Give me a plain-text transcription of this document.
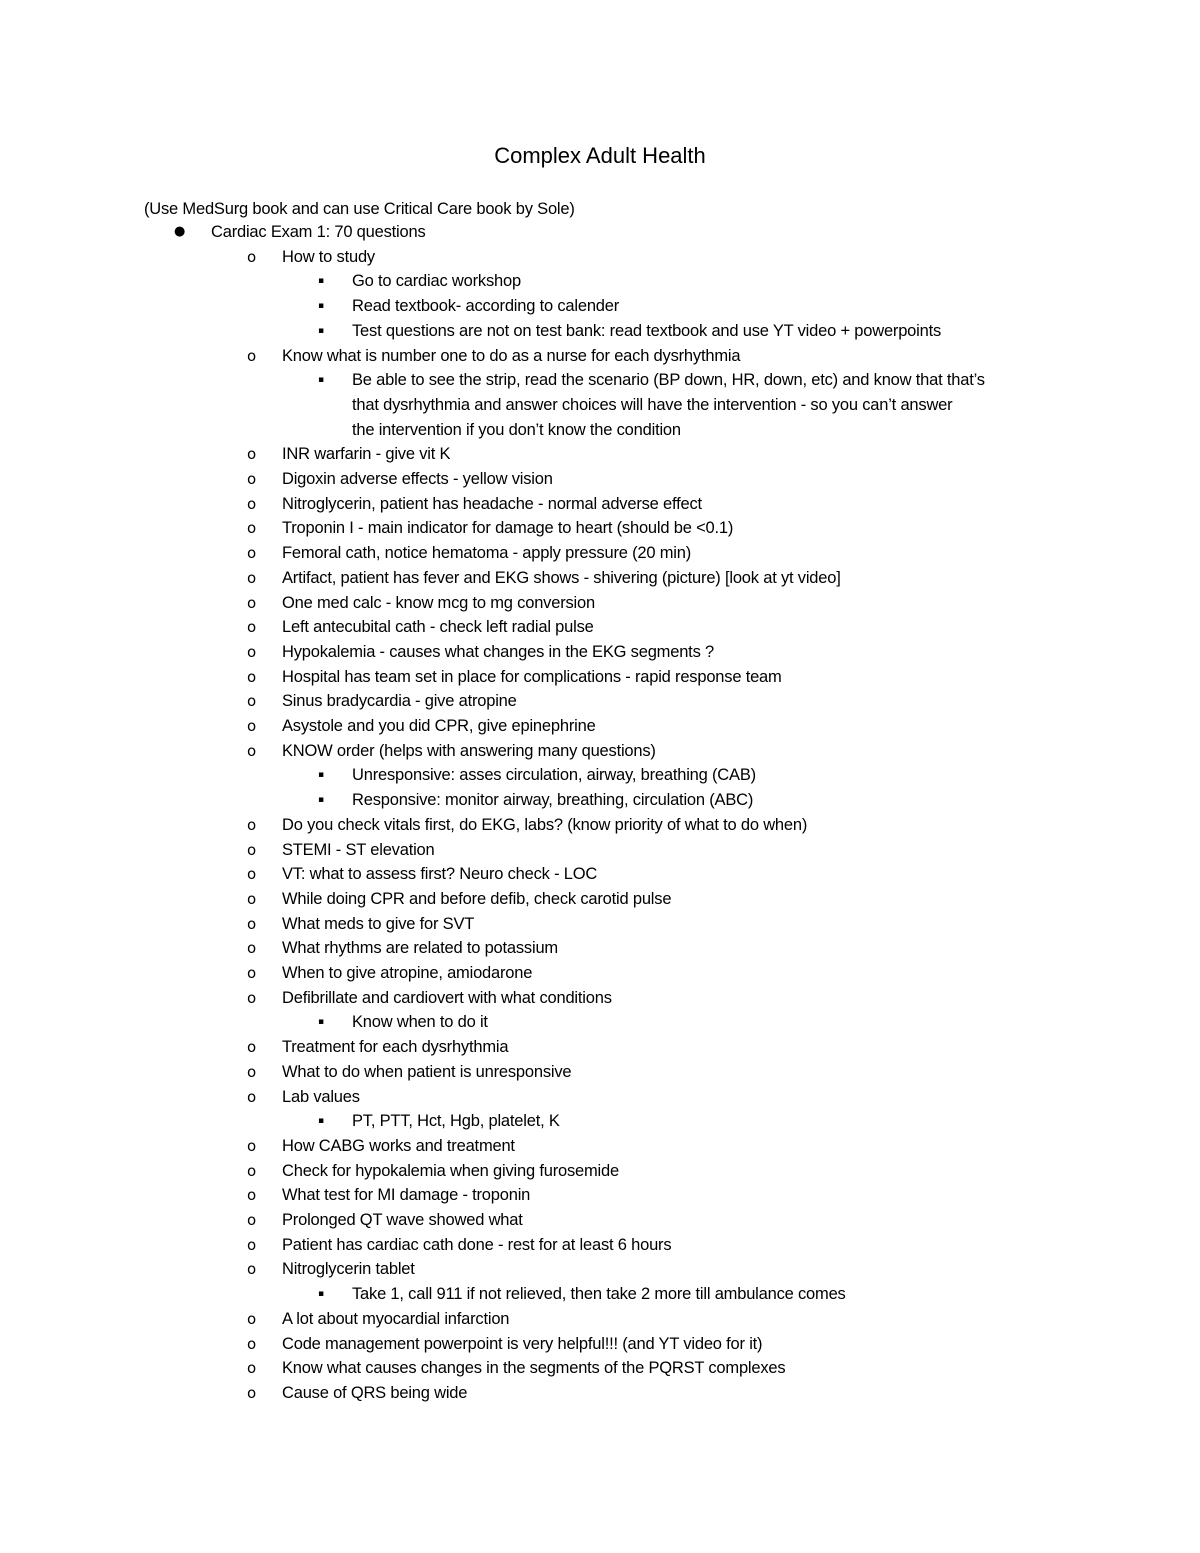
Complex Adult Health
(Use MedSurg book and can use Critical Care book by Sole)
● Cardiac Exam 1: 70 questions
o How to study
▪ Go to cardiac workshop
▪ Read textbook- according to calender
▪ Test questions are not on test bank: read textbook and use YT video + powerpoints
o Know what is number one to do as a nurse for each dysrhythmia
▪ Be able to see the strip, read the scenario (BP down, HR, down, etc) and know that that’s
that dysrhythmia and answer choices will have the intervention - so you can’t answer
the intervention if you don’t know the condition
o INR warfarin - give vit K
o Digoxin adverse effects - yellow vision
o Nitroglycerin, patient has headache - normal adverse effect
o Troponin I - main indicator for damage to heart (should be <0.1)
o Femoral cath, notice hematoma - apply pressure (20 min)
o Artifact, patient has fever and EKG shows - shivering (picture) [look at yt video]
o One med calc - know mcg to mg conversion
o Left antecubital cath - check left radial pulse
o Hypokalemia - causes what changes in the EKG segments ?
o Hospital has team set in place for complications - rapid response team
o Sinus bradycardia - give atropine
o Asystole and you did CPR, give epinephrine
o KNOW order (helps with answering many questions)
▪ Unresponsive: asses circulation, airway, breathing (CAB)
▪ Responsive: monitor airway, breathing, circulation (ABC)
o Do you check vitals first, do EKG, labs? (know priority of what to do when)
o STEMI - ST elevation
o VT: what to assess first? Neuro check - LOC
o While doing CPR and before defib, check carotid pulse
o What meds to give for SVT
o What rhythms are related to potassium
o When to give atropine, amiodarone
o Defibrillate and cardiovert with what conditions
▪ Know when to do it
o Treatment for each dysrhythmia
o What to do when patient is unresponsive
o Lab values
▪ PT, PTT, Hct, Hgb, platelet, K
o How CABG works and treatment
o Check for hypokalemia when giving furosemide
o What test for MI damage - troponin
o Prolonged QT wave showed what
o Patient has cardiac cath done - rest for at least 6 hours
o Nitroglycerin tablet
▪ Take 1, call 911 if not relieved, then take 2 more till ambulance comes
o A lot about myocardial infarction
o Code management powerpoint is very helpful!!! (and YT video for it)
o Know what causes changes in the segments of the PQRST complexes
o Cause of QRS being wide
